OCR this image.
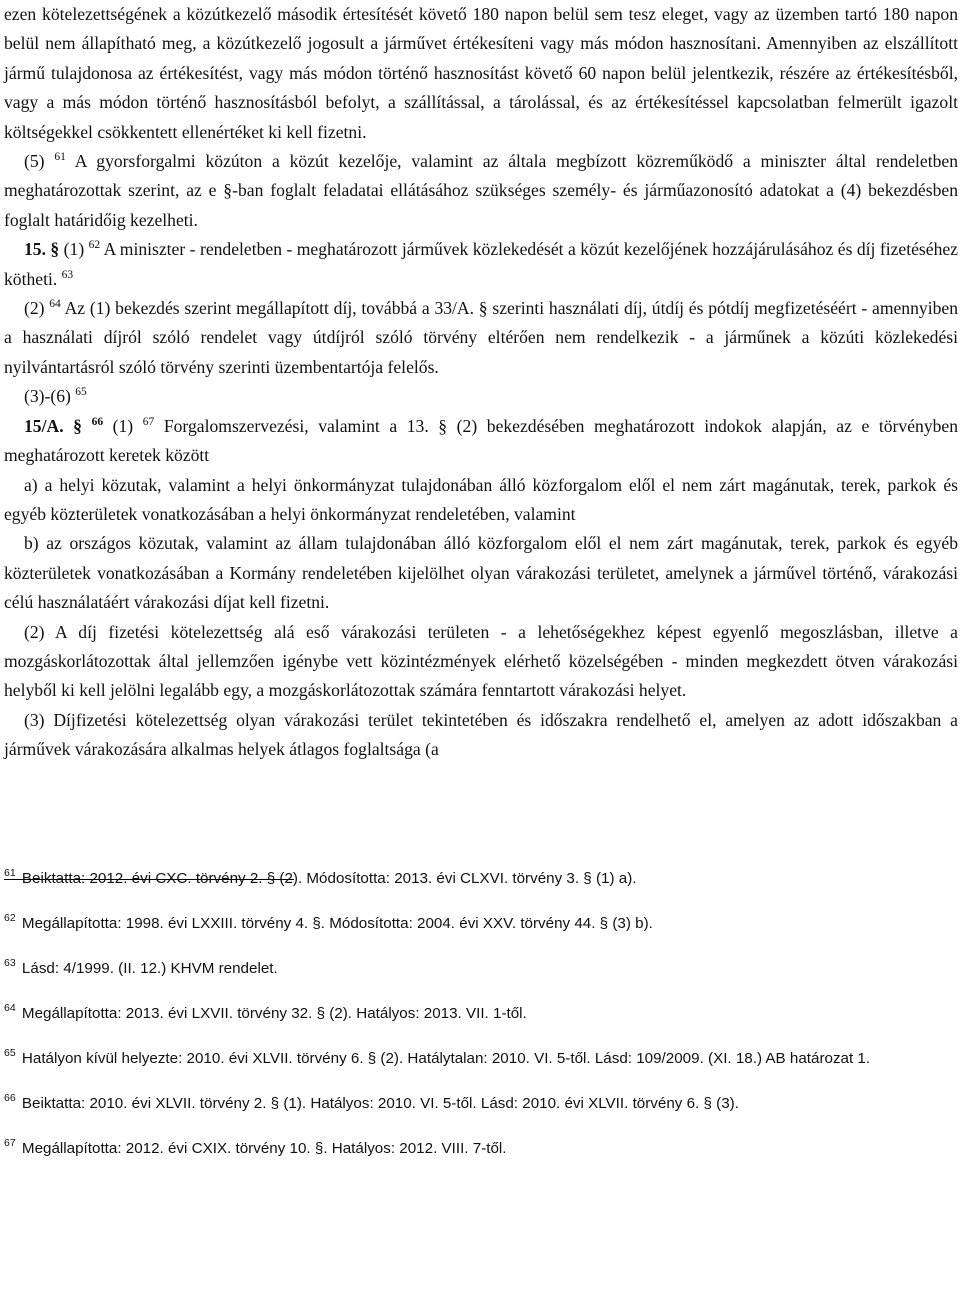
ezen kötelezettségének a közútkezelő második értesítését követő 180 napon belül sem tesz eleget, vagy az üzemben tartó 180 napon belül nem állapítható meg, a közútkezelő jogosult a járművet értékesíteni vagy más módon hasznosítani. Amennyiben az elszállított jármű tulajdonosa az értékesítést, vagy más módon történő hasznosítást követő 60 napon belül jelentkezik, részére az értékesítésből, vagy a más módon történő hasznosításból befolyt, a szállítással, a tárolással, és az értékesítéssel kapcsolatban felmerült igazolt költségekkel csökkentett ellenértéket ki kell fizetni.

(5) $^{61}$ A gyorsforgalmi közúton a közút kezelője, valamint az általa megbízott közreműködő a miniszter által rendeletben meghatározottak szerint, az e §-ban foglalt feladatai ellátásához szükséges személy- és járműazonosító adatokat a (4) bekezdésben foglalt határidőig kezelheti.

15. § (1) $^{62}$ A miniszter - rendeletben - meghatározott járművek közlekedését a közút kezelőjének hozzájárulásához és díj fizetéséhez kötheti. $^{63}$

(2) $^{64}$ Az (1) bekezdés szerint megállapított díj, továbbá a 33/A. § szerinti használati díj, útdíj és pótdíj megfizetéséért - amennyiben a használati díjról szóló rendelet vagy útdíjról szóló törvény eltérően nem rendelkezik - a járműnek a közúti közlekedési nyilvántartásról szóló törvény szerinti üzembentartója felelős.

(3)-(6) $^{65}$

15/A. § $^{66}$ (1) $^{67}$ Forgalomszervezési, valamint a 13. § (2) bekezdésében meghatározott indokok alapján, az e törvényben meghatározott keretek között

a) a helyi közutak, valamint a helyi önkormányzat tulajdonában álló közforgalom elől el nem zárt magánutak, terek, parkok és egyéb közterületek vonatkozásában a helyi önkormányzat rendeletében, valamint

b) az országos közutak, valamint az állam tulajdonában álló közforgalom elől el nem zárt magánutak, terek, parkok és egyéb közterületek vonatkozásában a Kormány rendeletében kijelölhet olyan várakozási területet, amelynek a járművel történő, várakozási célú használatáért várakozási díjat kell fizetni.

(2) A díj fizetési kötelezettség alá eső várakozási területen - a lehetőségekhez képest egyenlő megoszlásban, illetve a mozgáskorlátozottak által jellemzően igénybe vett közintézmények elérhető közelségében - minden megkezdett ötven várakozási helyből ki kell jelölni legalább egy, a mozgáskorlátozottak számára fenntartott várakozási helyet.

(3) Díjfizetési kötelezettség olyan várakozási terület tekintetében és időszakra rendelhető el, amelyen az adott időszakban a járművek várakozására alkalmas helyek átlagos foglaltsága (a

$^{61}$ Beiktatta: 2012. évi CXC. törvény 2. § (2). Módosította: 2013. évi CLXVI. törvény 3. § (1) a).

$^{62}$ Megállapította: 1998. évi LXXIII. törvény 4. §. Módosította: 2004. évi XXV. törvény 44. § (3) b).

$^{63}$ Lásd: 4/1999. (II. 12.) KHVM rendelet.

$^{64}$ Megállapította: 2013. évi LXVII. törvény 32. § (2). Hatályos: 2013. VII. 1-től.

$^{65}$ Hatályon kívül helyezte: 2010. évi XLVII. törvény 6. § (2). Hatálytalan: 2010. VI. 5-től. Lásd: 109/2009. (XI. 18.) AB határozat 1.

$^{66}$ Beiktatta: 2010. évi XLVII. törvény 2. § (1). Hatályos: 2010. VI. 5-től. Lásd: 2010. évi XLVII. törvény 6. § (3).

$^{67}$ Megállapította: 2012. évi CXIX. törvény 10. §. Hatályos: 2012. VIII. 7-től.
